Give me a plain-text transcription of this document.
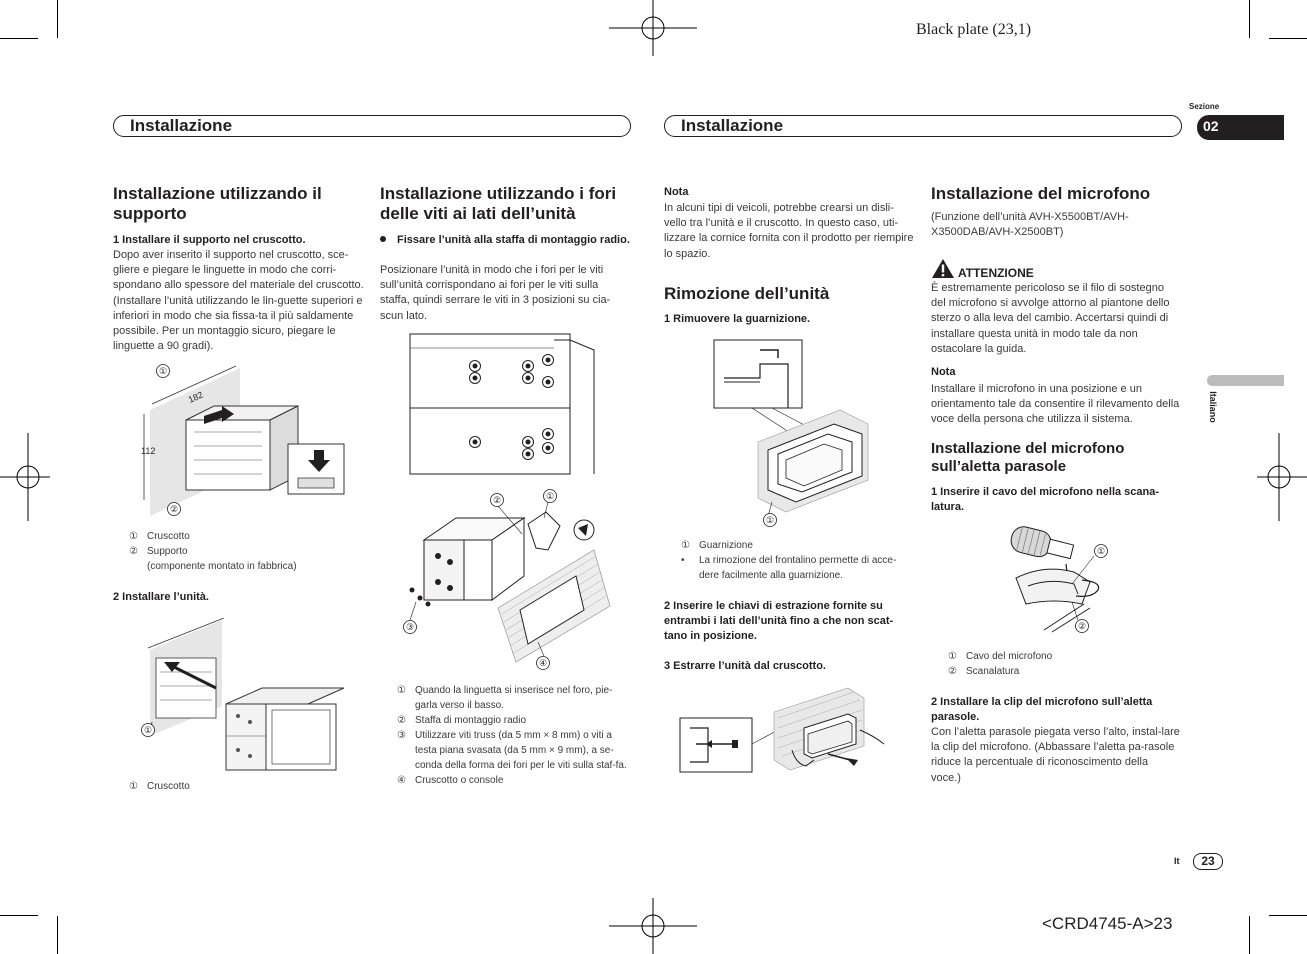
Black plate (23,1)
Installazione	Installazione
Sezione
02
Italiano
Installazione utilizzando il supporto
1 Installare il supporto nel cruscotto.
Dopo aver inserito il supporto nel cruscotto, sce-gliere e piegare le linguette in modo che corri-spondano allo spessore del materiale del cruscotto. (Installare l’unità utilizzando le lin-guette superiori e inferiori in modo che sia fissa-ta il più saldamente possibile. Per un montaggio sicuro, piegare le linguette a 90 gradi).
①
②
182
112
① Cruscotto
② Supporto
(componente montato in fabbrica)
2 Installare l’unità.
①
① Cruscotto
Installazione utilizzando i fori delle viti ai lati dell’unità
Fissare l’unità alla staffa di montaggio radio.
Posizionare l’unità in modo che i fori per le viti sull’unità corrispondano ai fori per le viti sulla staffa, quindi serrare le viti in 3 posizioni su cia-scun lato.
②	①
③
④
① Quando la linguetta si inserisce nel foro, pie-garla verso il basso.
② Staffa di montaggio radio
③ Utilizzare viti truss (da 5 mm × 8 mm) o viti a testa piana svasata (da 5 mm × 9 mm), a se-conda della forma dei fori per le viti sulla staf-fa.
④ Cruscotto o console
Nota
In alcuni tipi di veicoli, potrebbe crearsi un disli-vello tra l’unità e il cruscotto. In questo caso, uti-lizzare la cornice fornita con il prodotto per riempire lo spazio.
Rimozione dell’unità
1 Rimuovere la guarnizione.
①
① Guarnizione
•	La rimozione del frontalino permette di acce-dere facilmente alla guarnizione.
2 Inserire le chiavi di estrazione fornite su entrambi i lati dell’unità fino a che non scat-tano in posizione.
3 Estrarre l’unità dal cruscotto.
Installazione del microfono
(Funzione dell’unità AVH-X5500BT/AVH-X3500DAB/AVH-X2500BT)
ATTENZIONE
È estremamente pericoloso se il filo di sostegno del microfono si avvolge attorno al piantone dello sterzo o alla leva del cambio. Accertarsi quindi di installare questa unità in modo tale da non ostacolare la guida.
Nota
Installare il microfono in una posizione e un orientamento tale da consentire il rilevamento della voce della persona che utilizza il sistema.
Installazione del microfono sull’aletta parasole
1 Inserire il cavo del microfono nella scana-latura.
①
②
① Cavo del microfono
② Scanalatura
2 Installare la clip del microfono sull’aletta parasole.
Con l’aletta parasole piegata verso l’alto, instal-lare la clip del microfono. (Abbassare l’aletta pa-rasole riduce la percentuale di riconoscimento della voce.)
It	23
<CRD4745-A>23
